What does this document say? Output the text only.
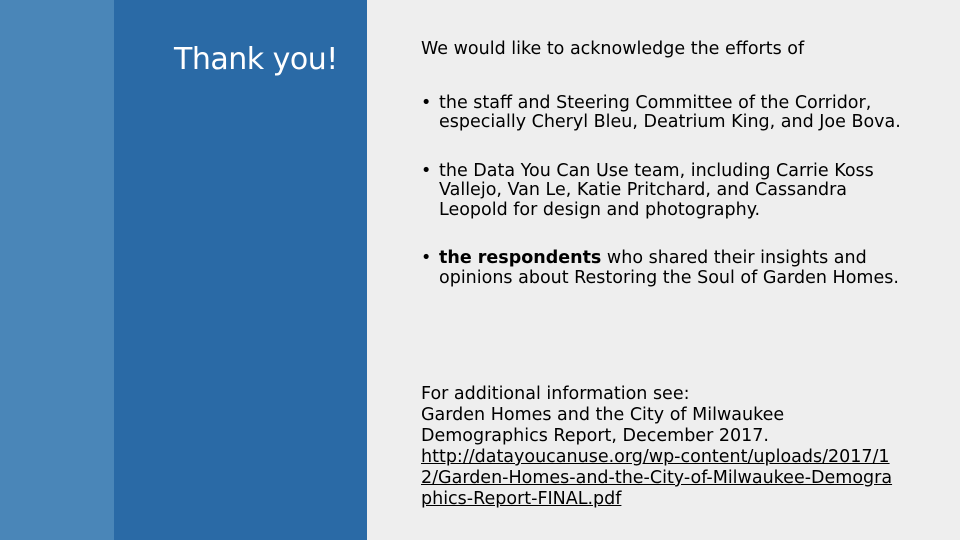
Thank you!	We would like to acknowledge the efforts of

• the staff and Steering Committee of the Corridor, especially Cheryl Bleu, Deatrium King, and Joe Bova.
• the Data You Can Use team, including Carrie Koss Vallejo, Van Le, Katie Pritchard, and Cassandra Leopold for design and photography.
• the respondents who shared their insights and opinions about Restoring the Soul of Garden Homes.
For additional information see:
Garden Homes and the City of Milwaukee Demographics Report, December 2017.
http://datayoucanuse.org/wp-content/uploads/2017/12/Garden-Homes-and-the-City-of-Milwaukee-Demographics-Report-FINAL.pdf
